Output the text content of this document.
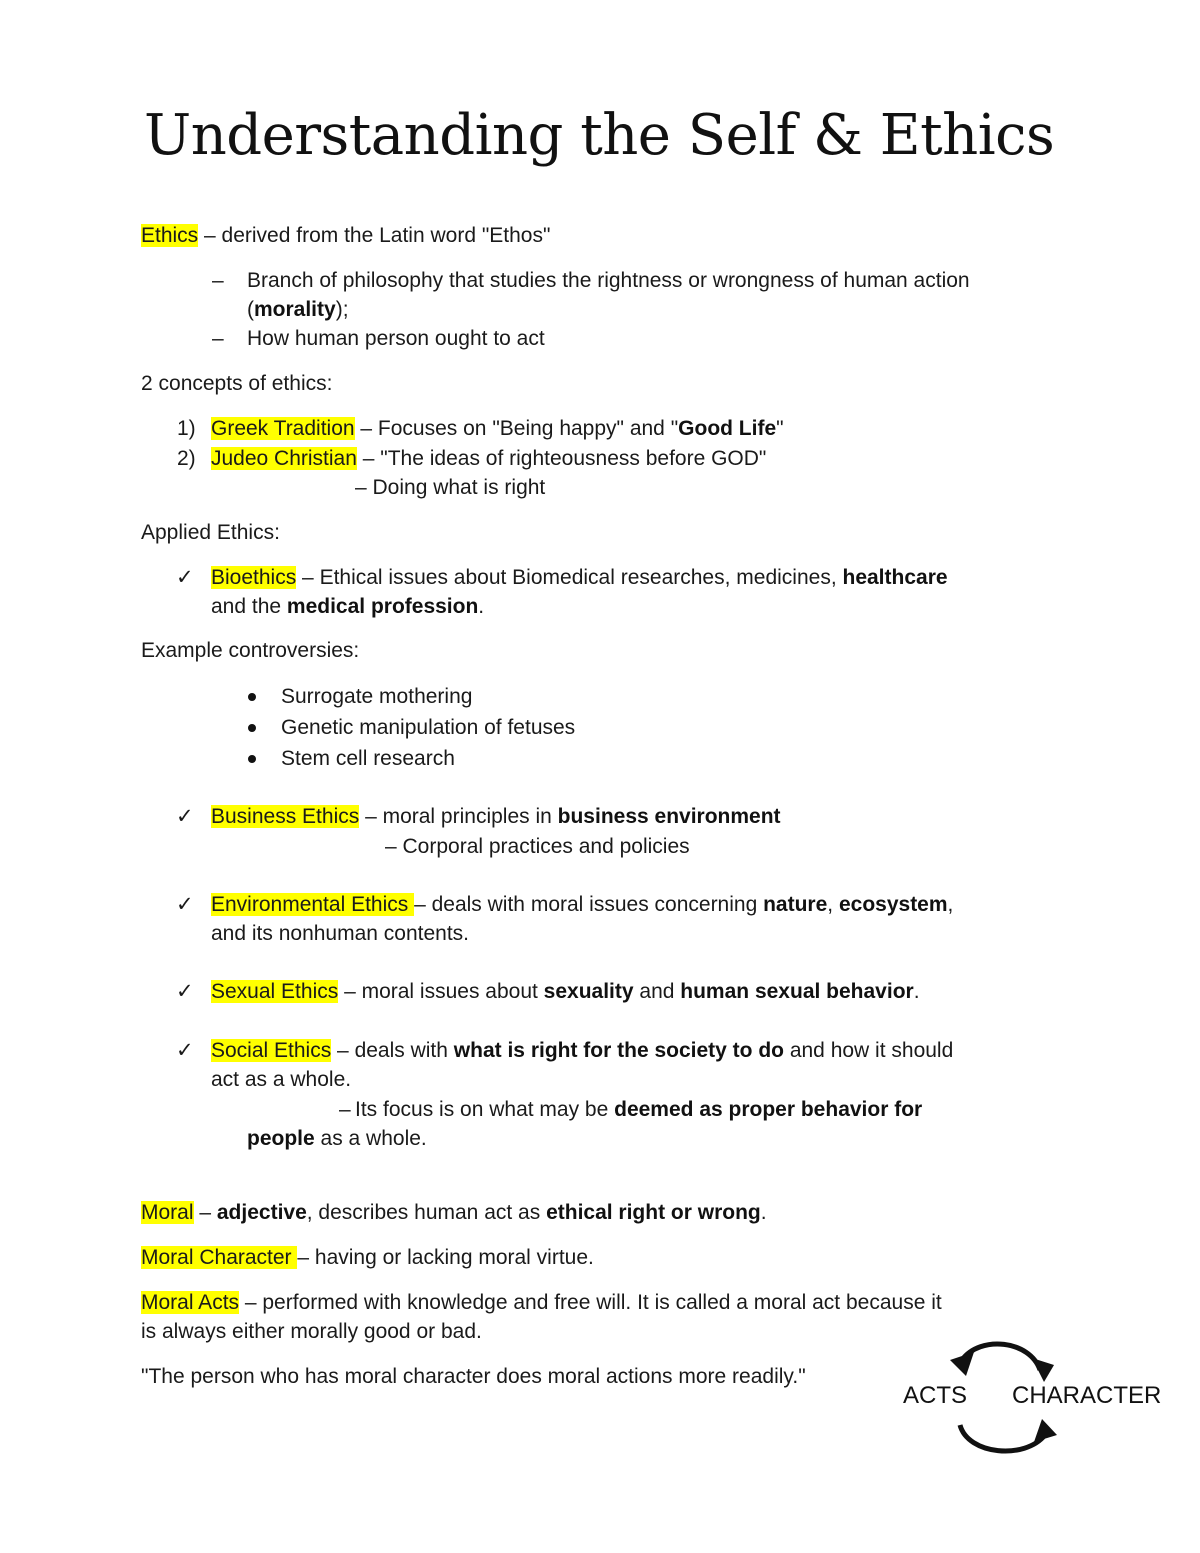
Understanding the Self & Ethics
Ethics – derived from the Latin word "Ethos"
– Branch of philosophy that studies the rightness or wrongness of human action
(morality);
– How human person ought to act
2 concepts of ethics:
1) Greek Tradition – Focuses on "Being happy" and "Good Life"
2) Judeo Christian – "The ideas of righteousness before GOD"
– Doing what is right
Applied Ethics:
✓ Bioethics – Ethical issues about Biomedical researches, medicines, healthcare
and the medical profession.
Example controversies:
Surrogate mothering
Genetic manipulation of fetuses
Stem cell research
✓ Business Ethics – moral principles in business environment
– Corporal practices and policies
✓ Environmental Ethics – deals with moral issues concerning nature, ecosystem,
and its nonhuman contents.
✓ Sexual Ethics – moral issues about sexuality and human sexual behavior.
✓ Social Ethics – deals with what is right for the society to do and how it should
act as a whole.
– Its focus is on what may be deemed as proper behavior for
people as a whole.
Moral – adjective, describes human act as ethical right or wrong.
Moral Character – having or lacking moral virtue.
Moral Acts – performed with knowledge and free will. It is called a moral act because it
is always either morally good or bad.
"The person who has moral character does moral actions more readily."
ACTS CHARACTER
